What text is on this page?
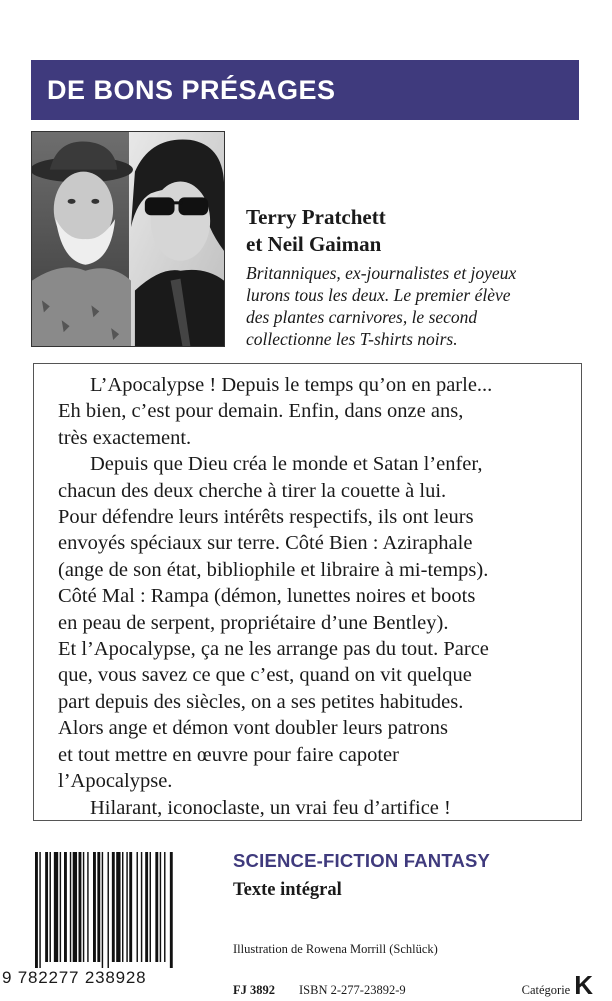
DE BONS PRÉSAGES
Terry Pratchett
et Neil Gaiman
Britanniques, ex-journalistes et joyeux
lurons tous les deux. Le premier élève
des plantes carnivores, le second
collectionne les T-shirts noirs.
L’Apocalypse ! Depuis le temps qu’on en parle...
Eh bien, c’est pour demain. Enfin, dans onze ans,
très exactement.
Depuis que Dieu créa le monde et Satan l’enfer,
chacun des deux cherche à tirer la couette à lui.
Pour défendre leurs intérêts respectifs, ils ont leurs
envoyés spéciaux sur terre. Côté Bien : Aziraphale
(ange de son état, bibliophile et libraire à mi-temps).
Côté Mal : Rampa (démon, lunettes noires et boots
en peau de serpent, propriétaire d’une Bentley).
Et l’Apocalypse, ça ne les arrange pas du tout. Parce
que, vous savez ce que c’est, quand on vit quelque
part depuis des siècles, on a ses petites habitudes.
Alors ange et démon vont doubler leurs patrons
et tout mettre en œuvre pour faire capoter
l’Apocalypse.
Hilarant, iconoclaste, un vrai feu d’artifice !
9 782277 238928
SCIENCE-FICTION FANTASY
Texte intégral
Illustration de Rowena Morrill (Schlück)
FJ 3892 ISBN 2-277-23892-9	Catégorie K
